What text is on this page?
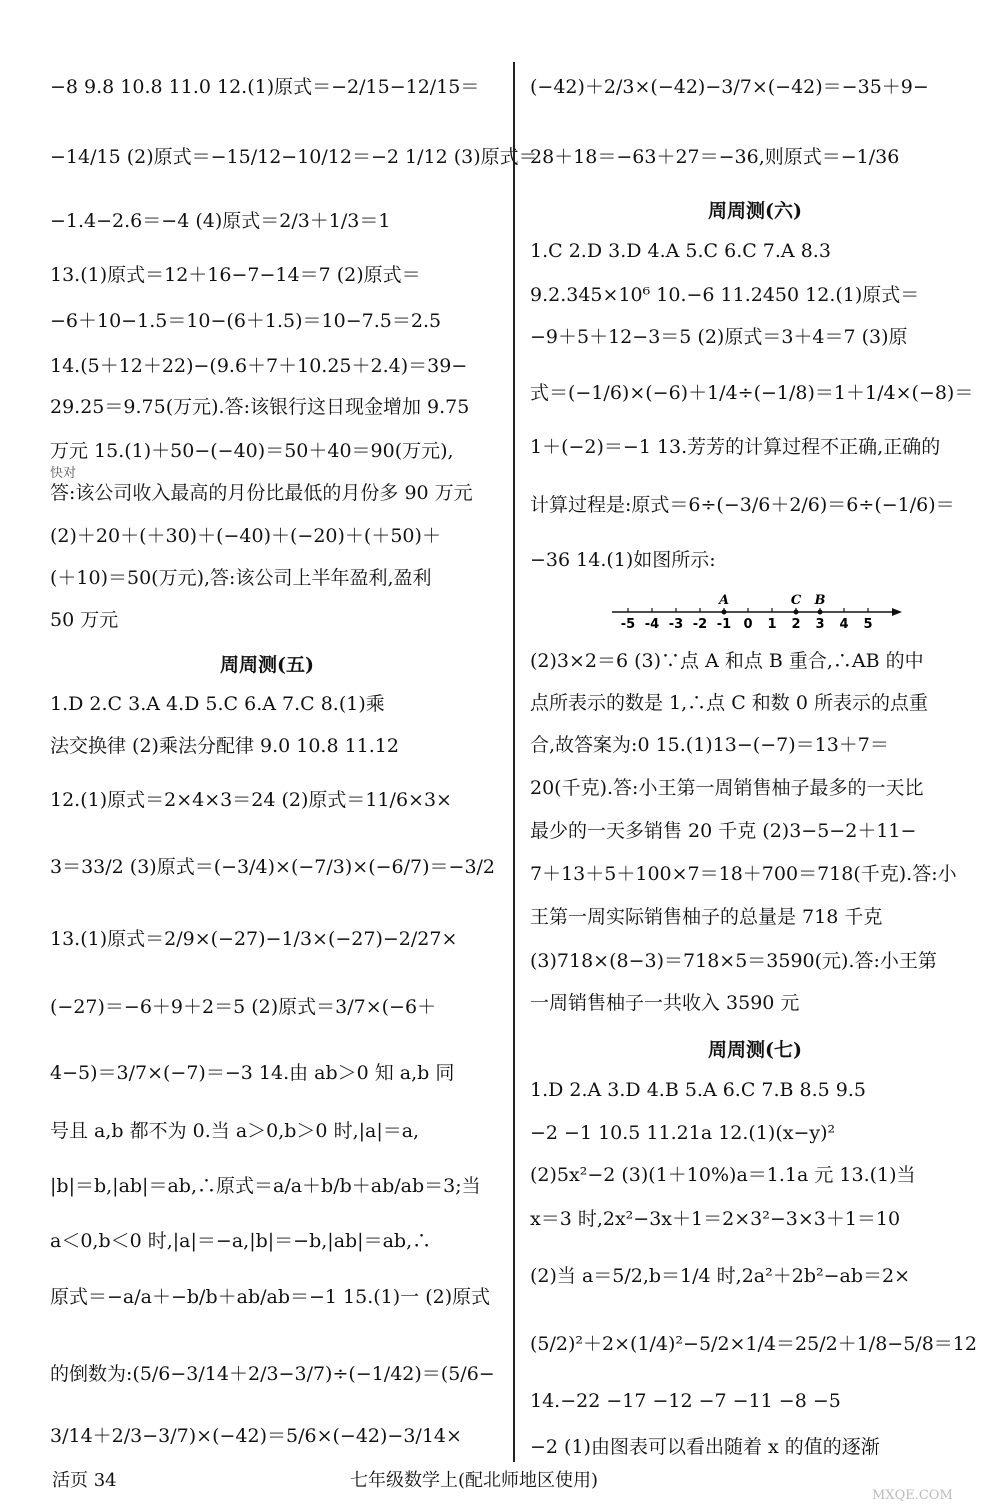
−8 9.8 10.8 11.0 12.(1)原式＝−2/15−12/15＝
−14/15 (2)原式＝−15/12−10/12＝−2 1/12 (3)原式＝
−1.4−2.6＝−4 (4)原式＝2/3＋1/3＝1
13.(1)原式＝12＋16−7−14＝7 (2)原式＝
−6＋10−1.5＝10−(6＋1.5)＝10−7.5＝2.5
14.(5＋12＋22)−(9.6＋7＋10.25＋2.4)＝39−
29.25＝9.75(万元).答:该银行这日现金增加 9.75
万元 15.(1)＋50−(−40)＝50＋40＝90(万元),
答:该公司收入最高的月份比最低的月份多 90 万元
(2)＋20＋(＋30)＋(−40)＋(−20)＋(＋50)＋
(＋10)＝50(万元),答:该公司上半年盈利,盈利
50 万元
周周测(五)
1.D 2.C 3.A 4.D 5.C 6.A 7.C 8.(1)乘
法交换律 (2)乘法分配律 9.0 10.8 11.12
12.(1)原式＝2×4×3＝24 (2)原式＝11/6×3×
3＝33/2 (3)原式＝(−3/4)×(−7/3)×(−6/7)＝−3/2
13.(1)原式＝2/9×(−27)−1/3×(−27)−2/27×
(−27)＝−6＋9＋2＝5 (2)原式＝3/7×(−6＋
4−5)＝3/7×(−7)＝−3 14.由 ab＞0 知 a,b 同
号且 a,b 都不为 0.当 a＞0,b＞0 时,|a|＝a,
|b|＝b,|ab|＝ab,∴原式＝a/a＋b/b＋ab/ab＝3;当
a＜0,b＜0 时,|a|＝−a,|b|＝−b,|ab|＝ab,∴
原式＝−a/a＋−b/b＋ab/ab＝−1 15.(1)一 (2)原式
的倒数为:(5/6−3/14＋2/3−3/7)÷(−1/42)＝(5/6−
3/14＋2/3−3/7)×(−42)＝5/6×(−42)−3/14×
(−42)＋2/3×(−42)−3/7×(−42)＝−35＋9−
28＋18＝−63＋27＝−36,则原式＝−1/36
周周测(六)
1.C 2.D 3.D 4.A 5.C 6.C 7.A 8.3
9.2.345×10⁶ 10.−6 11.2450 12.(1)原式＝
−9＋5＋12−3＝5 (2)原式＝3＋4＝7 (3)原
式＝(−1/6)×(−6)＋1/4÷(−1/8)＝1＋1/4×(−8)＝
1＋(−2)＝−1 13.芳芳的计算过程不正确,正确的
计算过程是:原式＝6÷(−3/6＋2/6)＝6÷(−1/6)＝
−36 14.(1)如图所示:
(2)3×2＝6 (3)∵点 A 和点 B 重合,∴AB 的中
点所表示的数是 1,∴点 C 和数 0 所表示的点重
合,故答案为:0 15.(1)13−(−7)＝13＋7＝
20(千克).答:小王第一周销售柚子最多的一天比
最少的一天多销售 20 千克 (2)3−5−2＋11−
7＋13＋5＋100×7＝18＋700＝718(千克).答:小
王第一周实际销售柚子的总量是 718 千克
(3)718×(8−3)＝718×5＝3590(元).答:小王第
一周销售柚子一共收入 3590 元
周周测(七)
1.D 2.A 3.D 4.B 5.A 6.C 7.B 8.5 9.5
−2 −1 10.5 11.21a 12.(1)(x−y)²
(2)5x²−2 (3)(1＋10%)a＝1.1a 元 13.(1)当
x＝3 时,2x²−3x＋1＝2×3²−3×3＋1＝10
(2)当 a＝5/2,b＝1/4 时,2a²＋2b²−ab＝2×
(5/2)²＋2×(1/4)²−5/2×1/4＝25/2＋1/8−5/8＝12
14.−22 −17 −12 −7 −11 −8 −5
−2 (1)由图表可以看出随着 x 的值的逐渐
-5 -4 -3 -2 -1 0 1 2 3 4 5
A	C B
活页 34	七年级数学上(配北师地区使用)
快对
MXQE.COM
